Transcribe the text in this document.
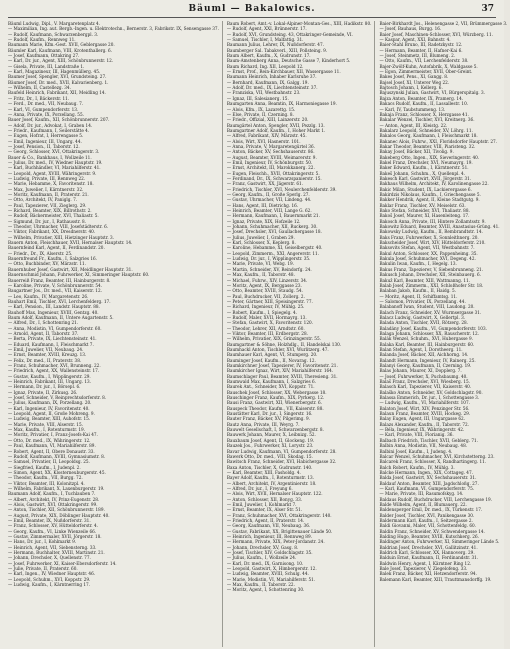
Bäuml — Bakalowics.	37
Bäuml Ludwig, Dipl., V. Margaretenplatz 4.
— Maximilian, Ing. aut. Bergb.-Ingen. u. Elektrotechn., Bernerstr. 3, Fabrikstr. IX, Sensengasse 37.
— Rudolf, Kaufmann, Schwarzenbergpl. 3.
— Rudolf, Kaufm., Rennweg 11.
Baumann Marie, Kfm.-Gest. XVII, Geblergasse 20.
Bäumler Karl, Kaufmann, VIII, Krotenthallerg. 6.
— Josef, Kaufmann, Ottakring 27.
— Karl, Dr. jur., Agent, XIII, Schönbrunnerstr. 12.
— Gisela, Private, III, Landstraße 1.
— Karl, Magazineur, III, Hagenmüllerg. 45.
Baumer Josef, Spengler, XVI, Grundsteing. 27.
Bäumer Josef, Dr. med., XVII, Kalvarienberg. 1.
— Wilhelm, II, Castellezg. 34.
Baufeld Heinrich, Fabrikant, XII, Meidling 14.
— Fritz, Dr., I, Bäckerstr. 11.
— Ferd., Dr. med., VII, Neubaug. 7.
— Karl, VI, Gumpendorferstr. 13.
— Anna, Private, IX, Porzellang. 55.
Bauer Josef, Kaufm., XII, Schönbrunnerstr. 207.
— Adolf, Dr. jur., Advokat, I, Graben 14.
— Friedr., Kaufmann, I, Seilerstätte 4.
— Eugen, Hofrat, I, Herrengasse 5.
— Emil, Ingenieur, III, Ungarg. 44.
— Josef, Pension., II, Taborstr. 12.
— Georg, Schlosser, XVI, Ottakringerstr. 3.
Bauer & Co., Bankhaus, I, Wollzeile 11.
— Julius, Dr. med., IV, Wiedner Hauptstr. 19.
— Karl, Buchhändler, VI, Mariahilferstr. 41.
— Leopold, Agent, XVIII, Währingerstr. 9.
— Ludwig, Private, III, Rennweg 22.
— Marie, Hebamme, X, Favoritenstr. 18.
— Max, Juwelier, I, Kärntnerstr. 32.
— Moritz, Kaufmann, II, Praterstr. 21.
— Otto, Architekt, IV, Paniglg. 7.
— Paul, Tapezierer, VII, Zieglerg. 29.
— Richard, Beamter, XIX, Billrothstr. 2.
— Rudolf, Bäckermeister, XVI, Thaliastr. 5.
— Sigmund, Dr. jur., I, Rathausstr. 8.
— Theodor, Uhrmacher, VIII, Josefstädterstr. 6.
— Viktor, Fabrikant, XX, Dresdnerstr. 40.
— Wilhelm, Privatier, XIII, Hietzinger Hauptstr. 3.
Bauern Anton, Fleischhauer, XVII, Hernalser Hauptstr. 14.
Bauernfeind Karl, Agent, II, Ferdinandstr. 20.
— Friedr., Dr., IX, Alserstr. 25.
Bauernfreund Fr., Kaufm., I, Salzgries 16.
— Otto, Buchbinder, XV, Märzstr. 11.
Bauernhuber Josef, Gastwirt, XII, Meidlinger Hauptstr. 31.
Bauernschmid Johann, Fuhrwerker, XI, Simmeringer Hauptstr. 60.
Bauerreiß Franz, Beamter, III, Hainburgerstr. 8.
— Karoline, Private, V, Schönbrunnerstr. 54.
Baugartner Jos., Dr. med., VII, Kaiserstr. 12.
— Leo, Kaufm., IV, Margaretenstr. 26.
Bauhart Emil, Tischler, XVI, Lerchenfelderg. 17.
— Karl, Pension., III, Landstr. Hauptstr. 88.
Bauhoff Max, Ingenieur, XVIII, Gentzg. 40.
Baum Adolf, Kaufmann, II, Untere Augartenstr. 5.
— Alfred, Dr., I, Schottenring 21.
— Anna, Modistin, VI, Gumpendorferstr. 60.
— Arnold, Agent, II, Taborstr. 37.
— Berta, Private, IX, Liechtensteinstr. 41.
— Eduard, Kaufmann, I, Fleischmarkt 7.
— Emil, Juwelier, VII, Neubaug. 24.
— Ernst, Beamter, XVIII, Kreuzg. 13.
— Felix, Dr. med., II, Praterstr. 38.
— Franz, Schuhmacher, XVI, Brunneng. 22.
— Friedrich, Agent, XX, Wallensteinstr. 17.
— Gustav, Kaufm., I, Wipplingerstr. 29.
— Heinrich, Fabrikant, III, Ungarg. 13.
— Hermann, Dr. jur., I, Börsepl. 6.
— Ignaz, Private, II, Zirkusg. 26.
— Josef, Schneider, V, Reinprechtsdorferstr. 8.
— Julius, Kaufmann, IX, Porzellang. 20.
— Karl, Ingenieur, IV, Favoritenstr. 40.
— Leopold, Agent, II, Große Mohreng. 9.
— Ludwig, Beamter, XIII, Auhofstr. 15.
— Marie, Private, VIII, Alserstr. 15.
— Max, Kaufm., I, Rotenturmstr. 19.
— Moritz, Privatier, I, Franz-Josefs-Kai 47.
— Otto, Dr. med., IX, Währingerstr. 12.
— Paul, Kaufmann, VI, Mariahilferstr. 89.
— Robert, Agent, II, Obere Donaustr. 33.
— Rudolf, Kaufmann, XVIII, Gymnasiumstr. 8.
— Samuel, Privatier, II, Leopoldsg. 25.
— Siegfried, Kaufm., I, Judenpl. 2.
— Simon, Agent, XX, Klosterneuburgerstr. 45.
— Theodor, Kaufm., VII, Burgg. 72.
— Viktor, Beamter, III, Kolonitzpl. 4.
— Wilhelm, Fabrikant, X, Laxenburgerstr. 19.
Baumann Adolf, Kaufm., I, Tuchlauben 7.
— Albert, Architekt, IV, Prinz-Eugenstr. 28.
— Alois, Gastwirt, XVI, Ottakringerstr. 99.
— Anton, Tischler, XII, Schönbrunnerstr. 189.
— August, Private, XIX, Döblinger Hauptstr. 40.
— Emil, Beamter, IX, Nußdorferstr. 31.
— Franz, Schlosser, XV, Hütteldorferstr. 4.
— Georg, Kaufm., VI, Linke Wienzeile 66.
— Gustav, Zimmermaler, XVII, Jörgerstr. 18.
— Hans, Dr. jur., I, Kohlmarkt 9.
— Heinrich, Agent, VII, Siebensterng. 33.
— Hermann, Buchhalter, XVIII, Martinstr. 21.
— Johann, Drechsler, X, Quellenstr. 77.
— Josef, Fuhrwerker, XI, Kaiser-Ebersdorferstr. 14.
— Julie, Private, II, Praterstr. 60.
— Karl, Ingen., IV, Wiedner Hauptstr. 46.
— Leopold, Schuhm., XVI, Koppstr. 29.
— Ludwig, Kaufm., I, Kärntnerring 17.
Baum Robert, Amt.-v. Lokal-Alpiner-Montan-Ges., XIII, Hadikstr. 80.
— Rudolf, Agent, XXI, Brünnerstr. 17.
— Rudolf, XVI, Grundsteing. 43, Ottakringer-Gemeinde, VI.
— Samuel, Tischler, I, Malfattig. 31.
Baumann Julius, Lehrer, IX, Nußdorferstr. 47.
Baumberger Sal. Tabakverl., XIII, Pollsteing. 9.
Baum Albert, Kaufm., X, Gudrunstr. 17.
Baum-Amstenberg Anna, Deutsche Gasse 7, Kinderhort 5.
Baum Richard, Ing. XII, Leopold 12.
— Ernst, Prof., Rein-Kirchbauer, XII, Wassergasse 11.
Baumann Heinrich, Inhaber Karlsruhe 37.
— Bernhard, Kaufmann, IX, Galgg. 19.
— Adolf, Dr. med., IX, Liechtensteinstr. 37.
— Franziska, VII, Westbahnstr. 23.
— Ignaz, III, Salesianerg. 15.
Baumgarten Anna, Beamtin, IX, Harmoniegasse 19.
— Alois, Kfm., IX, Lazarettg. 15.
— Else, Private, II, Czerning. 8.
— Friedr., Offizial, XIII, Lainzerstr. 20.
Baumgärtel Anton, Spengler, XVII, Pezzlg. 13.
Baumgartner Adolf, Kaufm., I, Hoher Markt 1.
— Alfred, Fabrikant, XIV, Märzstr. 45.
— Alois, Wirt, XVI, Hasnerstr. 101.
— Anna, Private, V, Margaretengürtel 36.
— Anton, Bäcker, XV, Sechshauserstr. 86.
— August, Beamter, XVIII, Weimarerstr. 9.
— Emil, Ingenieur, IV, Schönburgstr. 50.
— Ernst, Architekt, III, Marokkanerg. 22.
— Eugen, Fleischh., XVII, Ottakringerstr. 5.
— Ferdinand, Dr., IX, Schwarzspanierstr. 15.
— Franz, Gastwirt, XX, Jägerstr. 61.
— Friedrich, Tischler, XVI, Neulerchenfelderstr. 39.
— Georg, Kaufm., II, Große Sperlg. 27.
— Gustav, Uhrmacher, VII, Lindeng. 44.
— Hans, Agent, III, Dietrichg. 16.
— Heinrich, Beamter, VIII, Lange G. 62.
— Hermann, Kaufmann, I, Bauernmarkt 21.
— Ignaz, Private, XIX, Hofzeile 12.
— Johann, Schuhmacher, XII, Ruckerg. 30.
— Josef, Drechsler, XVI, Gaullachergasse 18.
— Julius, Juwelier, I, Graben 29.
— Karl, Schlosser, X, Keplerg. 8.
— Karoline, Hebamme, XI, Geiselbergstr. 40.
— Leopold, Zimmerm., XXI, Angererstr. 11.
— Ludwig, Dr. jur., I, Wipplingerstr. 35.
— Marie, Private, VI, Webg. 19.
— Martin, Schneider, XV, Reindorfg. 24.
— Max, Kaufm., II, Taborstr. 48.
— Michael, Fuhrw., XIV, Linzerstr. 34.
— Moritz, Agent, IX, Berggasse 23.
— Otto, Beamter, XVIII, Staudg. 54.
— Paul, Buchdrucker, VII, Zollerg. 2.
— Peter, Gärtner, XIII, Speisingerstr. 77.
— Richard, Ingenieur, IV, Mühlg. 25.
— Robert, Kaufm., I, Spiegelg. 4.
— Rudolf, Maler, XVII, Hormayrg. 13.
— Stefan, Gastwirt, X, Favoritenstr. 120.
— Theodor, Lehrer, XII, Arndtstr. 60.
— Viktor, Beamter, III, Erdbergstr. 28.
— Wilhelm, Privatier, XIX, Grinzingerstr. 55.
Baumgartner & Söhne, Holzhdlg., II, Handelskai 130.
Baumhackl Anton, Tischler, XVI, Wurlitzerg. 47.
Baumhauer Karl, Agent, VI, Stumperg. 20.
Bauminger Josef, Kaufm., II, Novarag. 12.
Baumkirchner Josef, Tapezierer, IV, Favoritenstr. 21.
Baumkircher Ignaz, Wirt, XIV, Mariahilferstr. 164.
Baumschlager Paul, Beamter, XVIII, Theresieng. 31.
Baumwald Max, Kaufmann, I, Salzgries 6.
Baurek Ant., Schneider, XVI, Koppstr. 71.
Bauschek Josef, Schlosser, XX, Webergasse 18.
Bauschinger Franz, Kaufm., XIX, Pyrkerg. 12.
Bausi Franz, Gastwirt, XII, Wienerbergstr. 6.
Bauspeck Theodor, Kaufm., VII, Kaiserstr. 88.
Baustätter Karl, Dr. jur., I, Singerstr. 16.
Bauter Franz, Bäcker, XV, Pilgerimg. 9.
Bautz Anna, Private, III, Weyrg. 7.
Bauwelt Gesellschaft, I, Schwarzenbergstr. 8.
Bauwerk Johann, Maurer, X, Leibnizg. 52.
Bauxbaum Josef, Agent, II, Glockeng. 19.
Bauzek Jos., Fuhrwerker, XI, Lorystr. 23.
Bavar Ludwig, Kaufmann, VI, Gumpendorferstr. 28.
Bawerk Otto, Dr. med., VIII, Skodag. 15.
Bawitsch Franz, Schneider, XVI, Habichergasse 32.
Baxa Anton, Tischler, X, Gudrunstr. 140.
— Karl, Beamter, XIII, Fasholdg. 4.
Bayer Adolf, Kaufm., I, Rotenturmstr. 13.
— Albert, Architekt, IV, Argentinierstr. 18.
— Alfred, Dr. jur., I, Freyung 6.
— Alois, Wirt, XVII, Hernalser Hauptstr. 122.
— Anton, Schlosser, XII, Bonyg. 33.
— Emil, Juwelier, I, Kohlmarkt 7.
— Ernst, Beamter, IX, Alser Str. 51.
— Franz, Schuhmacher, XVI, Ottakringerstr. 140.
— Friedrich, Agent, II, Praterstr. 14.
— Georg, Kaufmann, VII, Neubaug. 36.
— Gustav, Fabrikant, XX, Brigittenauer Lände 50.
— Heinrich, Ingenieur, III, Rennweg 89.
— Hermann, Private, XIX, Peter-Jordanstr. 24.
— Johann, Drechsler, XV, Gasg. 8.
— Josef, Tischler, XIV, Goldschlagstr. 35.
— Julius, Kaufm., I, Wollzeile 24.
— Karl, Dr. med., IX, Garnisong. 10.
— Leopold, Gastwirt, X, Himbergerstr. 12.
— Ludwig, Beamter, XVIII, Schulg. 44.
— Marie, Modistin, VI, Mariahilferstr. 51.
— Max, Kaufm., II, Taborstr. 22.
— Moritz, Agent, I, Schottenring 30.
Baier-Birkhardt Jos., Helenengasse 2, VII, Brümmergasse 3.
— Josef, Bauhaus, Burgg. 16.
Baier Josef, Maschinen-Schlosser, XVI, Würzberg. 11.
— Kaspar, Agent, XXI, Bahnstr. 4.
Baier-Stahl Bruno, III, Radetzkystr. 12.
— Hermann, Beamter, II, Hafner-Kai 6.
— Josef, Steinmetz, III, Blumeng. 2.
— Otto, Kaufm., VII, Lerchenfelderstr. 38.
Bajer-Zwölf-Kuhn, Autofabrik, X, Waldgasse 5.
— Egon, Zimmermeister, XVII, Ober-Greint.
Bakes Josef, Pens., XI, Gangg. 8.
Bajsel Josef, XI, Unterer Weg 22.
Bajtosch Johann, I, Kellerg. 6.
Bajuszynski Julian, Gastwirt, VI, Bürgerspitalg. 3.
Bajza Anton, Beamter, IX, Pramerg. 14.
Bakacs Rudolf, Kaufm., II, Lassallestr. 10.
— Karl, IV, Taubstummeng. 13.
Bakaja Franz, Schlosser, X, Herzgasse 41.
Bakalar Wenzel, Tischler, XVI, Kreitnerg. 36.
— Anton, Agent, III, Kleistg. 22.
Bakalarz Leopold, Schneider, XV, Löhrg. 11.
Bakalos Georg, Kaufmann, I, Fleischmarkt 18.
Bakanec Alois, Fuhrw., XXI, Floridsdorfer Hauptstr. 27.
Bakar Theodor, Beamter, VIII, Piaristeng. 32.
Bakay Josef, Bäcker, XII, Tivolig. 9.
Bakeberg Otto, Ingen., XIX, Sieveringerstr. 40.
Bakel Franz, Drechsler, XVI, Neumayrg. 19.
Baker Edward, Kaufm., I, Kärntnerstr. 51.
Bakeš Johann, Schuhm., X, Quellenpl. 4.
Bakesch Karl, Gastwirt, XVII, Jörgerstr. 31.
Bakhaus Wilhelm, Architekt, IV, Karolinengasse 22.
Bakic Milan, Student, IX, Lackierergasse 6.
Bakirdzis Nikolaus, Kaufm., I, Griechengasse 5.
Bakker Hendrik, Agent, II, Kleine Stadtgutg. 9.
Baklar Franz, Tischler, XV, Meiselstr. 63.
Bako Stefan, Schneider, XVI, Thaliastr. 88.
Bakoš Josef, Maurer, XI, Hasenleiteng. 17.
Bakosch Anna, Private, III, Hintere Zollamtsstr. 9.
Bakowitz Eduard, Beamter, XVIII, Anastasius-Grüng. 41.
Bakowsky Ludwig, Kaufm., II, Rembrandtstr. 14.
Baks Franz, Fuhrwerker, X, Sonnleithnerg. 20.
Bakscheider Josef, Wirt, XIV, Hütteldorferstr. 210.
Baksovits Stefan, Agent, VII, Westbahnstr. 7.
Bakul Anton, Schlosser, XX, Pappenheimg. 35.
Bakula Josef, Schuhmacher, XVI, Degeng. 42.
Bakulin Iwan, Kaufm., I, Hegelg. 13.
Bakus Franz, Tapezierer, V, Siebenbrunneng. 21.
Bakusch Johann, Drechsler, XII, Steinbauerg. 6.
Bakuž Karl, Beamter, XIII, Wattmanng. 11.
Balab Josef, Zimmerm., XXI, Schloßhofer Str. 18.
Balaban Jakob, Kaufm., II, Haidg. 5.
— Moritz, Agent, II, Schiffamtsg. 11.
— Salomon, Privatier, IX, Porzellang. 44.
Balabanoff Iwan, Student, VIII, Laudong. 20.
Balach Franz, Schneider, XV, Wurmsergasse 31.
Balacz Ludwig, Gastwirt, X, Gellertpl. 3.
Balada Anton, Tischler, XVII, Rötzerg. 28.
Baladány Josef, Kaufm., VI, Gumpendorferstr. 103.
Balaga Johann, Schlosser, XX, Rauscherstr. 12.
Balák Wenzel, Schuhm., XVI, Hubergasse 9.
Balaka Karl, Beamter, III, Hainburgerstr. 60.
Balan Stefan, Agent, I, Dorotheerg. 11.
Balanda Josef, Bäcker, XII, Aichhorng. 14.
Balandt Hermann, Ingenieur, IV, Rainerg. 25.
Balanyi Georg, Kaufmann, II, Czerning. 19.
Balas Johann, Maurer, XI, Dopplerg. 7.
— Josef, Fuhrwerker, X, Puchsbaumg. 40.
Balaš Franz, Drechsler, XVI, Wiesberg. 15.
Balasch Karl, Tapezierer, VII, Kaiserstr. 40.
Balaško Anton, Schneider, XV, Goldschlagstr. 90.
Balassa Emmerich, Dr. jur., I, Schottengasse 3.
— Ludwig, Kaufm., VI, Mariahilferstr. 107.
Balaton Josef, Wirt, XIV, Penzinger Str. 56.
Balaun Franz, Beamter, XVIII, Hockeg. 29.
Balay Eugen, Agent, III, Ungargasse 62.
Balazs Alexander, Kaufm., II, Taborstr. 72.
— Béla, Ingenieur, IX, Währingerstr. 42.
— Karl, Private, VIII, Florianig. 36.
Balbach Friedrich, Tischler, XVII, Geblerg. 71.
Balbin Anna, Modistin, VII, Neubaug. 48.
Balbini Josef, Kaufm., I, Judeng. 4.
Balcar Wenzel, Schuhmacher, XVI, Kirchstetterng. 23.
Balcarek Franz, Schlosser, X, Randhartingerg. 11.
Balch Robert, Kaufm., IV, Mühlg. 3.
Balcke Hermann, Ingen., XIX, Cottageg. 47.
Balda Josef, Gastwirt, XV, Sechshauserstr. 31.
Baldauf Anton, Beamter, XIII, Jagdschloßg. 27.
— Karl, Kaufmann, VI, Gumpendorferstr. 75.
— Marie, Private, III, Rasumofskyg. 14.
Baldaus Rudolf, Buchdrucker, VIII, Lerchengasse 19.
Balde Wilhelm, Agent, II, Blumauerg. 22.
Baldensperger Emil, Dr. med., IX, Türkenstr. 17.
Balder Josef, Tischler, XVI, Panikengasse 30.
Baldermann Karl, Kaufm., I, Seitzergasse 2.
Baldi Giovanni, Maler, VII, Schottenfeldg. 60.
Baldin Franz, Schneider, XV, Schwendergasse 14.
Balding Hugo, Beamter, XVIII, Kutschkerg. 26.
Baldinger Anton, Fuhrwerker, XI, Simmeringer Lände 5.
Baldrian Josef, Drechsler, XVI, Gallitzinstr. 41.
Baldrich Karl, Schlosser, XX, Hannoverg. 29.
Balduin Ernst, Kaufmann, II, Ferdinandstr. 31.
Baldwin Henry, Agent, I, Kärntner Ring 12.
Bale Josef, Tapezierer, V, Ziegelofeng. 33.
Balek Franz, Bäcker, XII, Hetzendorferstr. 94.
Balemann Karl, Beamter, XIII, Trauttmansdorffg. 19.
